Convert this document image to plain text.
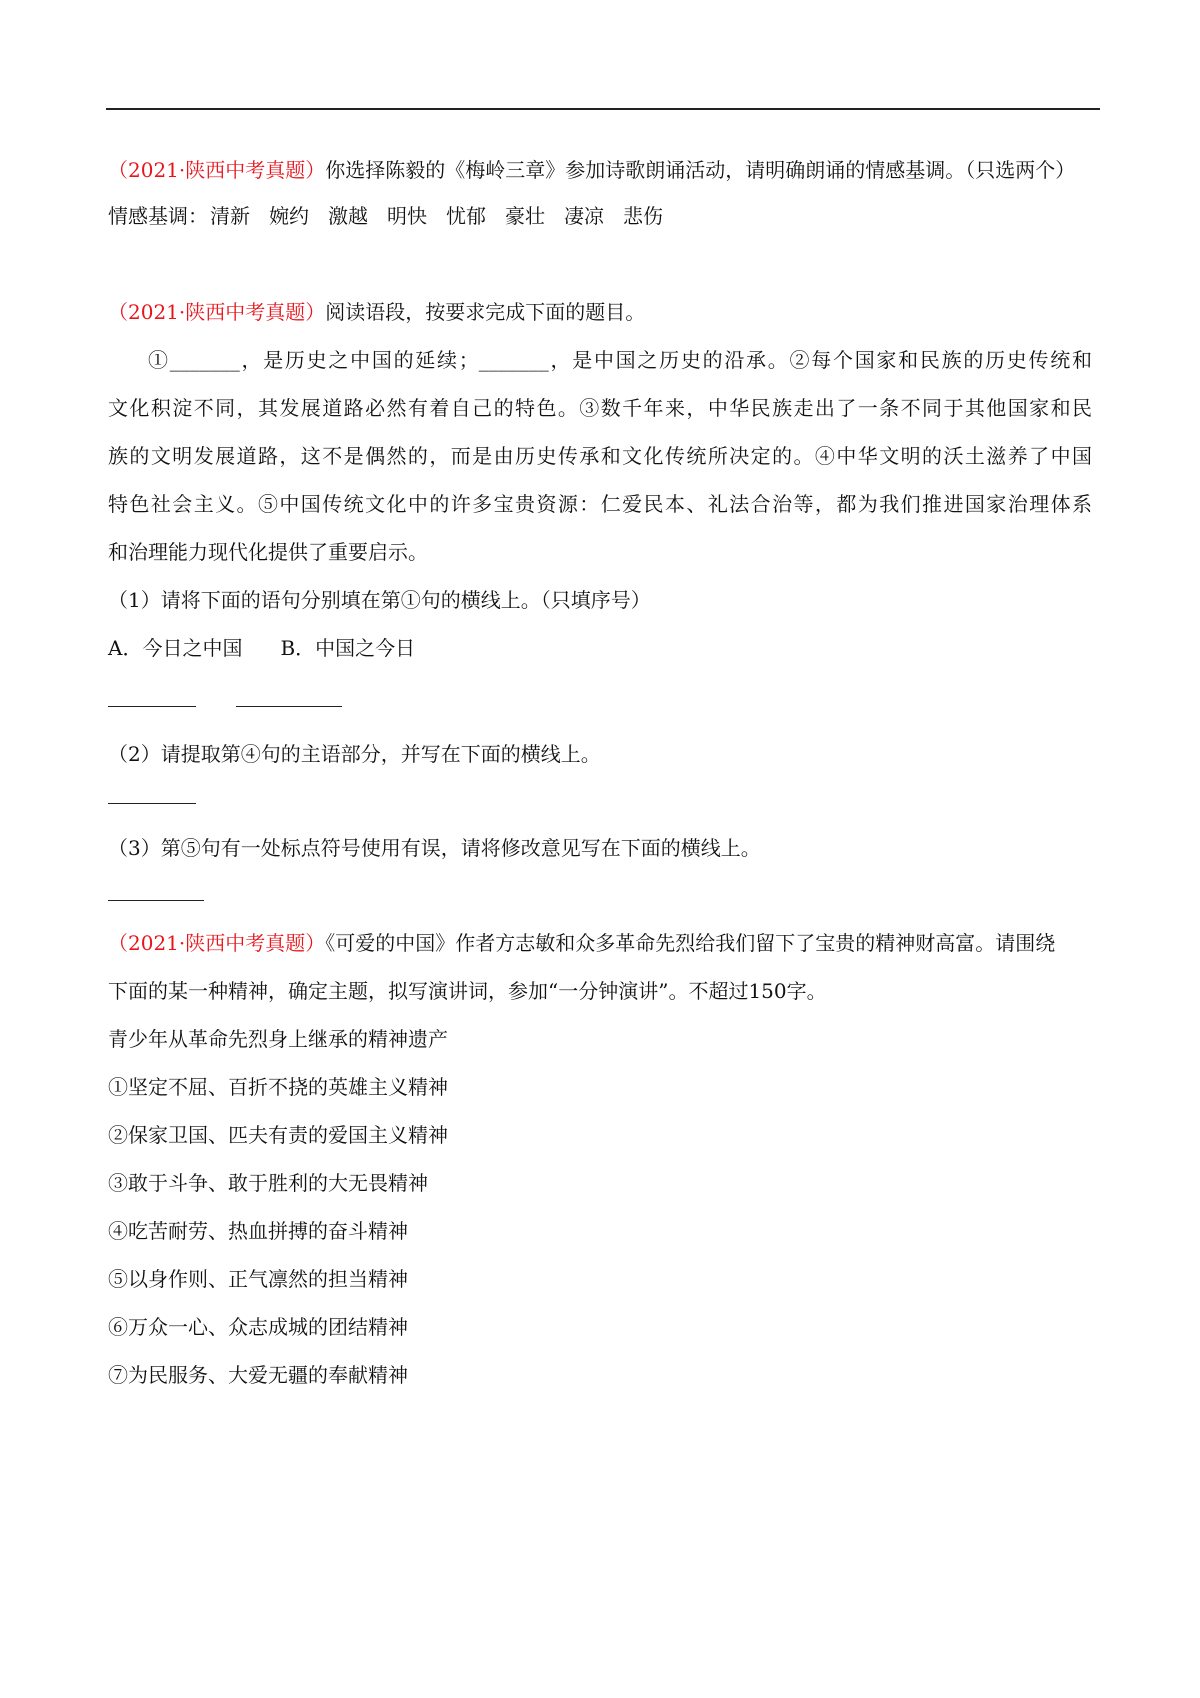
（2021·陕西中考真题）你选择陈毅的《梅岭三章》参加诗歌朗诵活动，请明确朗诵的情感基调。（只选两个）
情感基调： 清新 婉约 激越 明快 忧郁 豪壮 凄凉 悲伤
（2021·陕西中考真题）阅读语段，按要求完成下面的题目。
①_______，是历史之中国的延续；_______，是中国之历史的沿承。②每个国家和民族的历史传统和
文化积淀不同，其发展道路必然有着自己的特色。③数千年来，中华民族走出了一条不同于其他国家和民
族的文明发展道路，这不是偶然的，而是由历史传承和文化传统所决定的。④中华文明的沃土滋养了中国
特色社会主义。⑤中国传统文化中的许多宝贵资源：仁爱民本、礼法合治等，都为我们推进国家治理体系
和治理能力现代化提供了重要启示。
（1）请将下面的语句分别填在第①句的横线上。（只填序号）
A．今日之中国 B．中国之今日
（2）请提取第④句的主语部分，并写在下面的横线上。
（3）第⑤句有一处标点符号使用有误，请将修改意见写在下面的横线上。
（2021·陕西中考真题）《可爱的中国》作者方志敏和众多革命先烈给我们留下了宝贵的精神财高富。请围绕
下面的某一种精神，确定主题，拟写演讲词，参加“一分钟演讲”。不超过150字。
青少年从革命先烈身上继承的精神遗产
①坚定不屈、百折不挠的英雄主义精神
②保家卫国、匹夫有责的爱国主义精神
③敢于斗争、敢于胜利的大无畏精神
④吃苦耐劳、热血拼搏的奋斗精神
⑤以身作则、正气凛然的担当精神
⑥万众一心、众志成城的团结精神
⑦为民服务、大爱无疆的奉献精神
